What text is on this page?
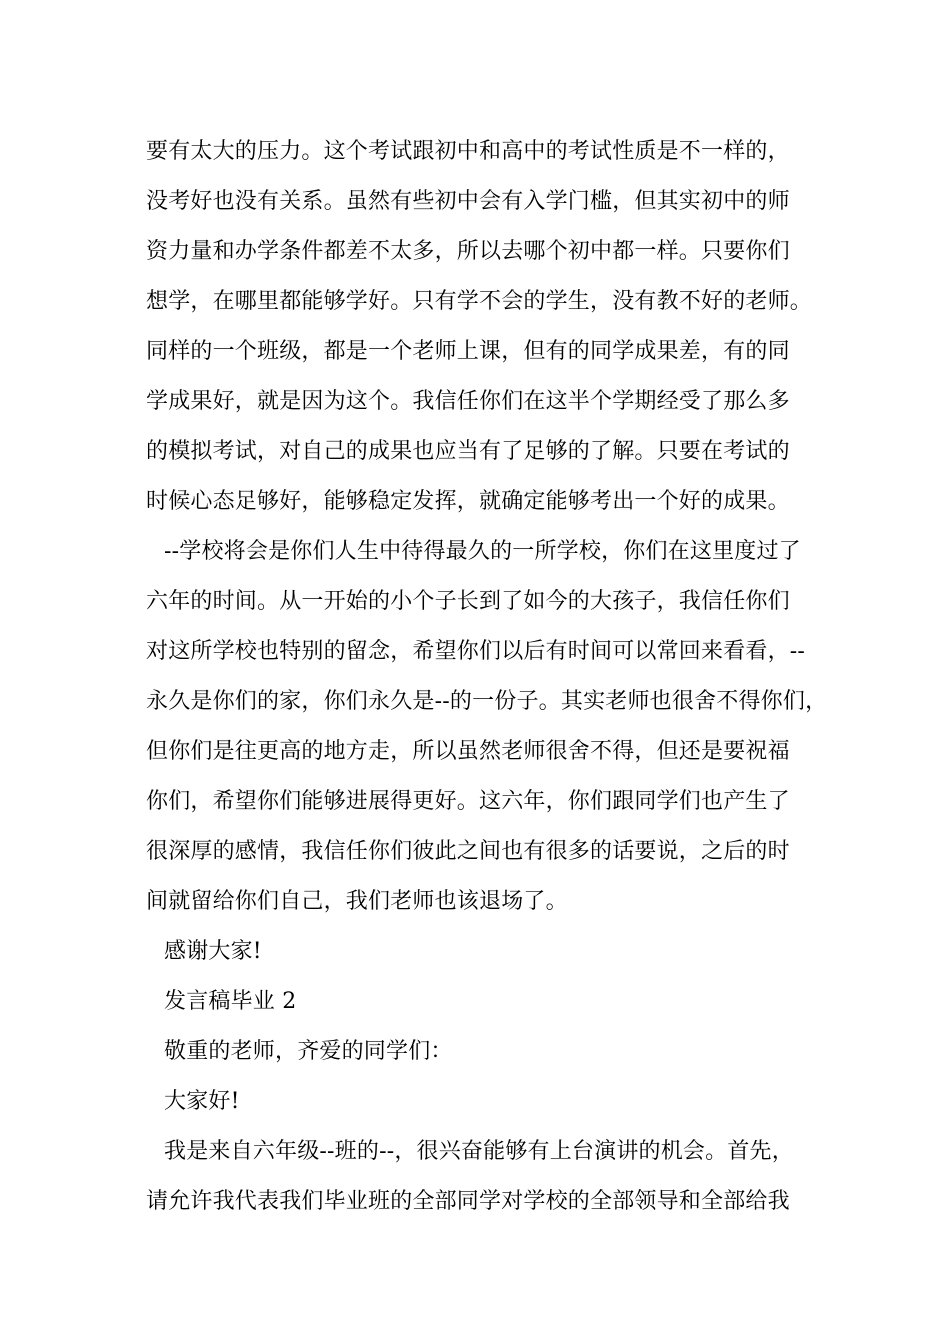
要有太大的压力。这个考试跟初中和高中的考试性质是不一样的，
没考好也没有关系。虽然有些初中会有入学门槛，但其实初中的师
资力量和办学条件都差不太多，所以去哪个初中都一样。只要你们
想学，在哪里都能够学好。只有学不会的学生，没有教不好的老师。
同样的一个班级，都是一个老师上课，但有的同学成果差，有的同
学成果好，就是因为这个。我信任你们在这半个学期经受了那么多
的模拟考试，对自己的成果也应当有了足够的了解。只要在考试的
时候心态足够好，能够稳定发挥，就确定能够考出一个好的成果。
--学校将会是你们人生中待得最久的一所学校，你们在这里度过了
六年的时间。从一开始的小个子长到了如今的大孩子，我信任你们
对这所学校也特别的留念，希望你们以后有时间可以常回来看看，--
永久是你们的家，你们永久是--的一份子。其实老师也很舍不得你们，
但你们是往更高的地方走，所以虽然老师很舍不得，但还是要祝福
你们，希望你们能够进展得更好。这六年，你们跟同学们也产生了
很深厚的感情，我信任你们彼此之间也有很多的话要说，之后的时
间就留给你们自己，我们老师也该退场了。
感谢大家!
发言稿毕业 2
敬重的老师，齐爱的同学们：
大家好!
我是来自六年级--班的--，很兴奋能够有上台演讲的机会。首先，
请允许我代表我们毕业班的全部同学对学校的全部领导和全部给我
